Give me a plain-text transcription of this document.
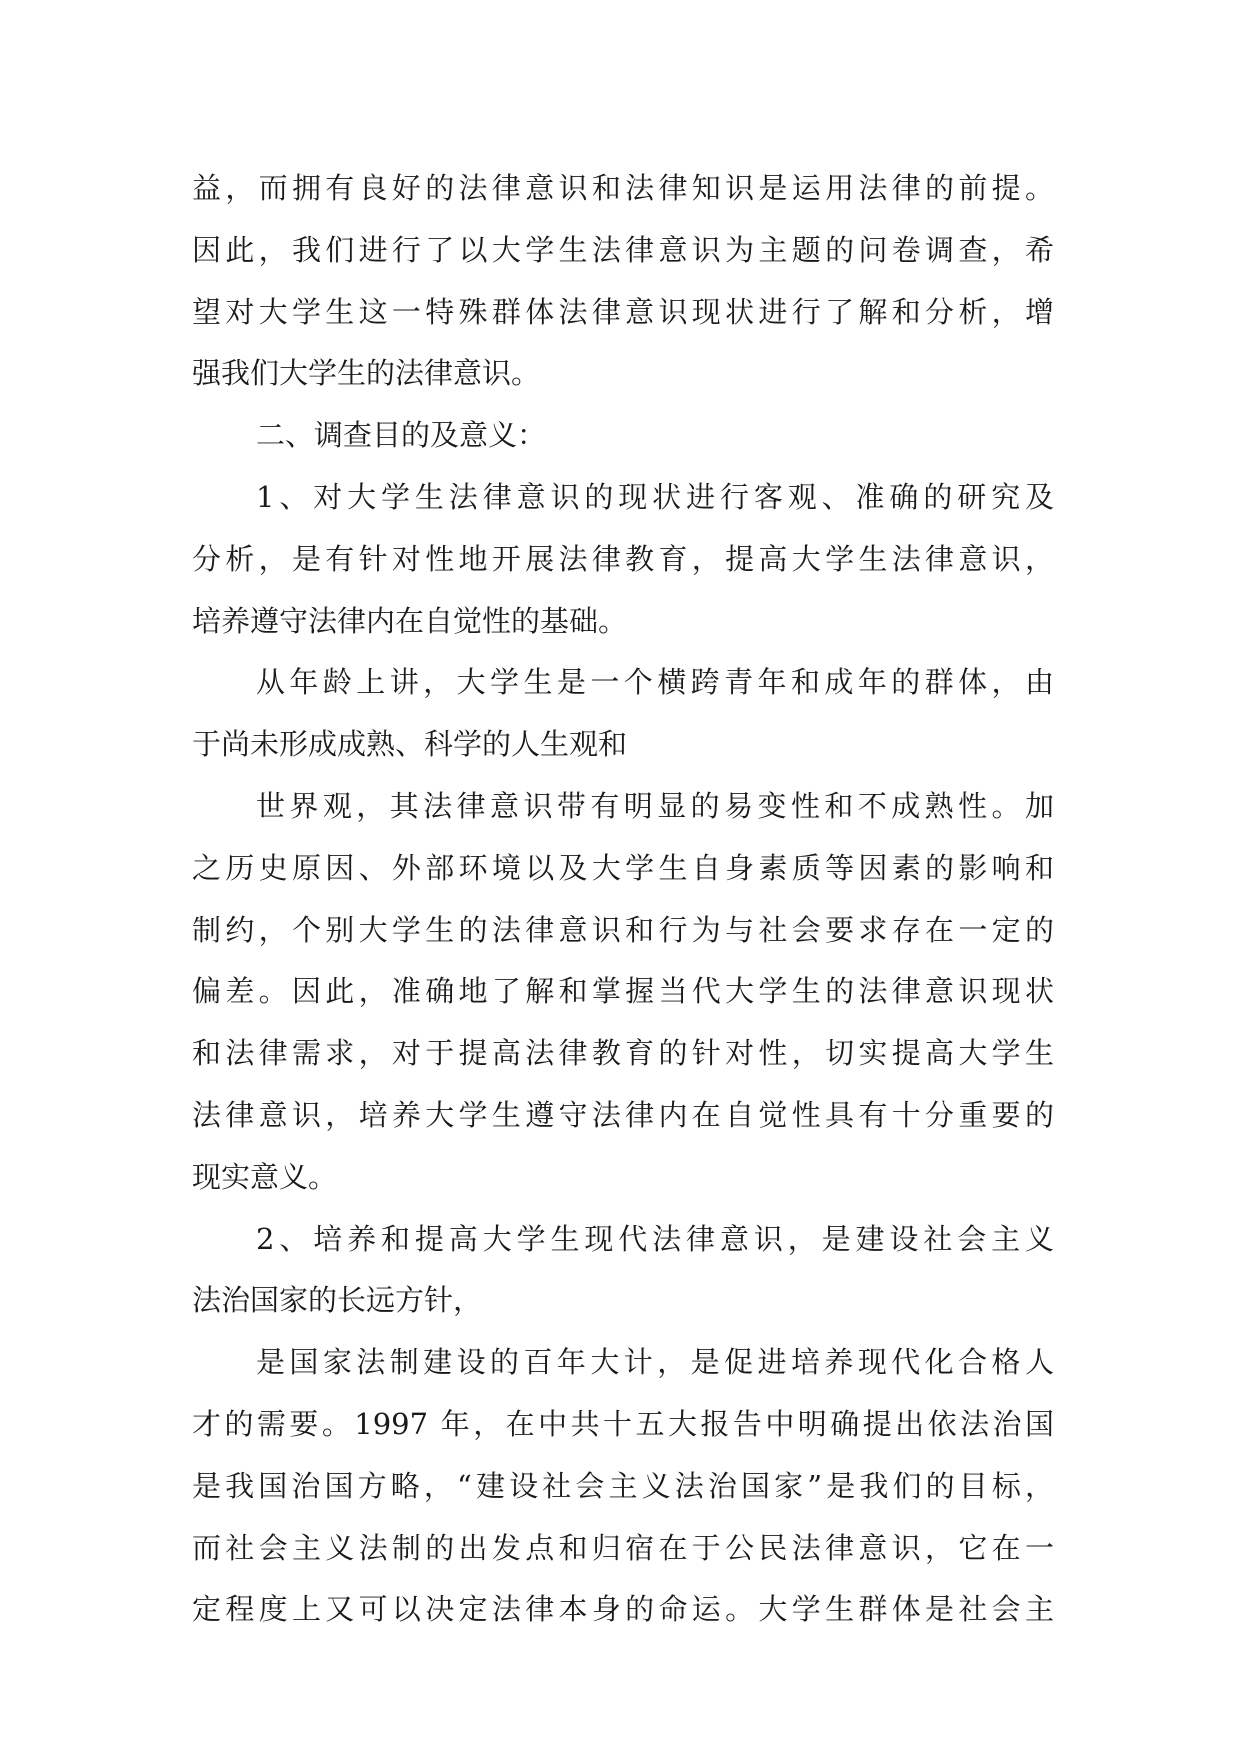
益，而拥有良好的法律意识和法律知识是运用法律的前提。
因此，我们进行了以大学生法律意识为主题的问卷调查，希
望对大学生这一特殊群体法律意识现状进行了解和分析，增
强我们大学生的法律意识。
二、调查目的及意义：
1、对大学生法律意识的现状进行客观、准确的研究及
分析，是有针对性地开展法律教育，提高大学生法律意识，
培养遵守法律内在自觉性的基础。
从年龄上讲，大学生是一个横跨青年和成年的群体，由
于尚未形成成熟、科学的人生观和
世界观，其法律意识带有明显的易变性和不成熟性。加
之历史原因、外部环境以及大学生自身素质等因素的影响和
制约，个别大学生的法律意识和行为与社会要求存在一定的
偏差。因此，准确地了解和掌握当代大学生的法律意识现状
和法律需求，对于提高法律教育的针对性，切实提高大学生
法律意识，培养大学生遵守法律内在自觉性具有十分重要的
现实意义。
2、培养和提高大学生现代法律意识，是建设社会主义
法治国家的长远方针，
是国家法制建设的百年大计，是促进培养现代化合格人
才的需要。1997 年，在中共十五大报告中明确提出依法治国
是我国治国方略，“建设社会主义法治国家”是我们的目标，
而社会主义法制的出发点和归宿在于公民法律意识，它在一
定程度上又可以决定法律本身的命运。大学生群体是社会主
